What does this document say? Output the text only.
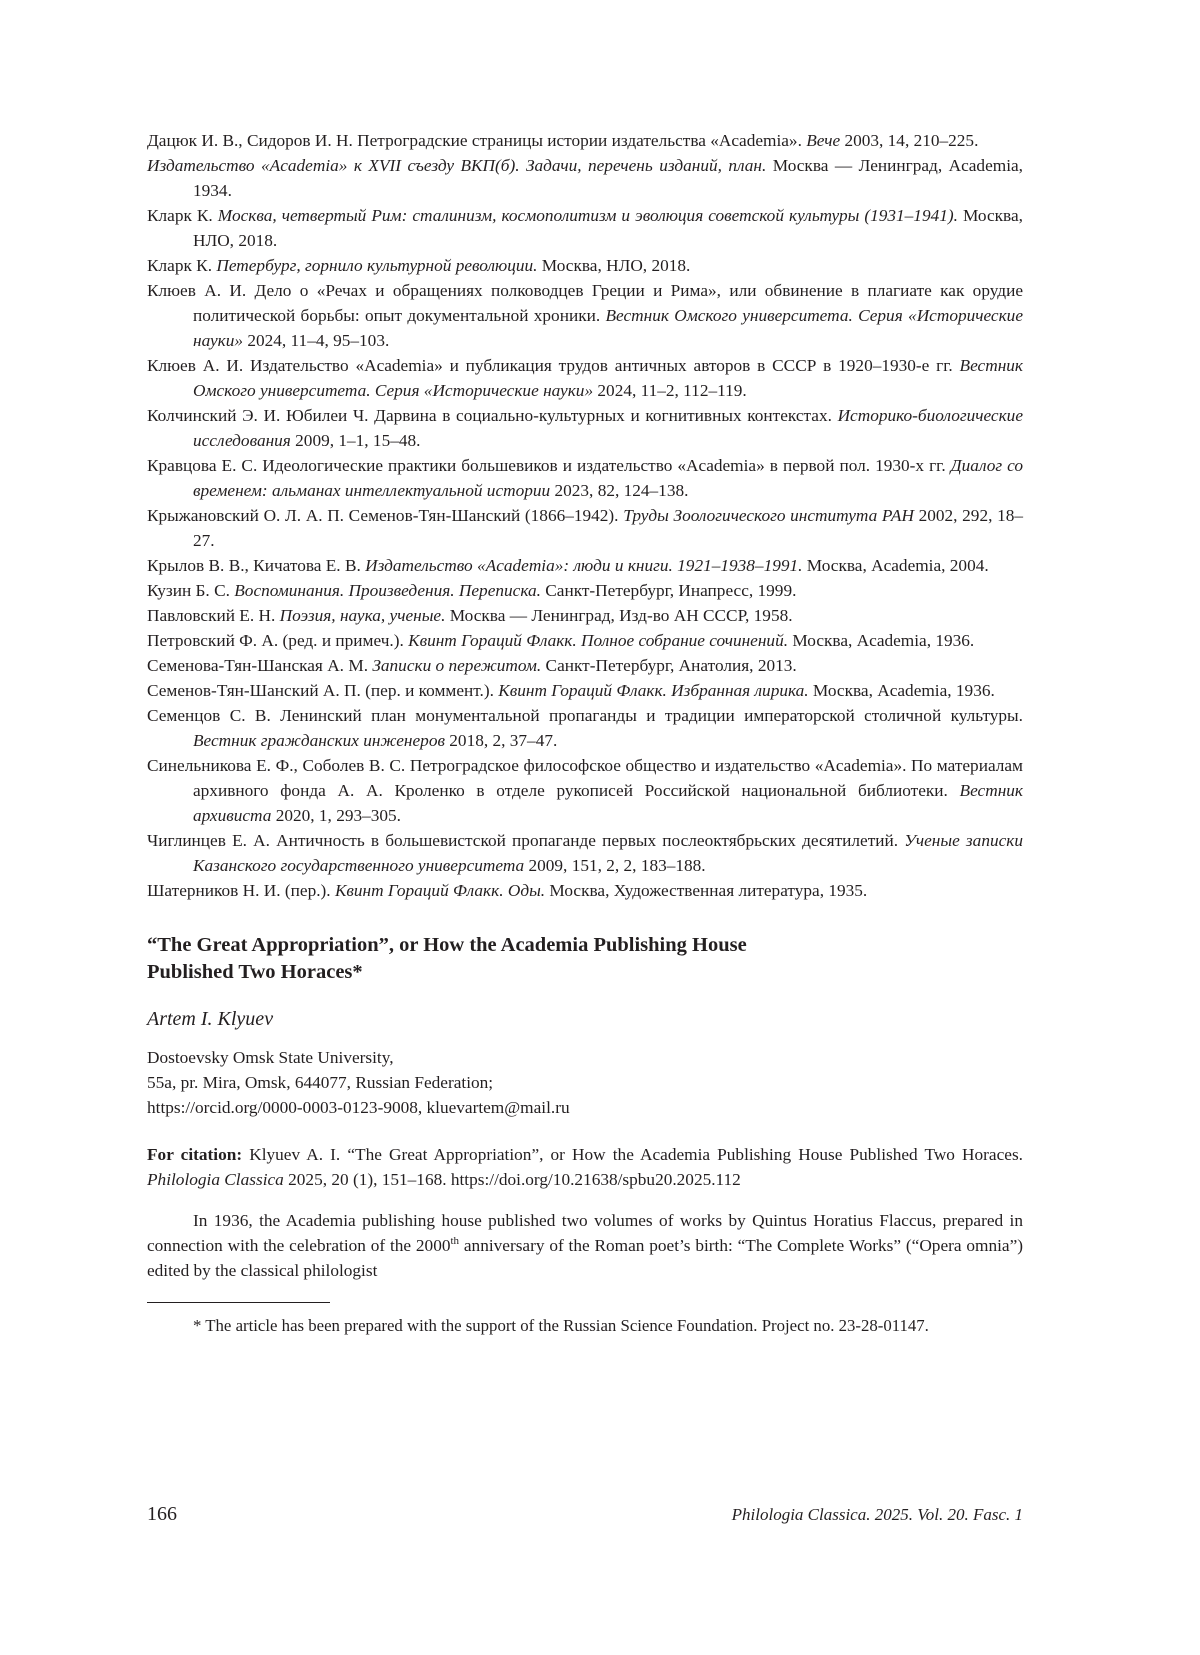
Дацюк И. В., Сидоров И. Н. Петроградские страницы истории издательства «Academia». Вече 2003, 14, 210–225.

Издательство «Academia» к XVII съезду ВКП(б). Задачи, перечень изданий, план. Москва — Ленинград, Academia, 1934.

Кларк К. Москва, четвертый Рим: сталинизм, космополитизм и эволюция советской культуры (1931–1941). Москва, НЛО, 2018.

Кларк К. Петербург, горнило культурной революции. Москва, НЛО, 2018.

Клюев А. И. Дело о «Речах и обращениях полководцев Греции и Рима», или обвинение в плагиате как орудие политической борьбы: опыт документальной хроники. Вестник Омского университета. Серия «Исторические науки» 2024, 11–4, 95–103.

Клюев А. И. Издательство «Academia» и публикация трудов античных авторов в СССР в 1920–1930-е гг. Вестник Омского университета. Серия «Исторические науки» 2024, 11–2, 112–119.

Колчинский Э. И. Юбилеи Ч. Дарвина в социально-культурных и когнитивных контекстах. Историко-биологические исследования 2009, 1–1, 15–48.

Кравцова Е. С. Идеологические практики большевиков и издательство «Academia» в первой пол. 1930-х гг. Диалог со временем: альманах интеллектуальной истории 2023, 82, 124–138.

Крыжановский О. Л. А. П. Семенов-Тян-Шанский (1866–1942). Труды Зоологического института РАН 2002, 292, 18–27.

Крылов В. В., Кичатова Е. В. Издательство «Academia»: люди и книги. 1921–1938–1991. Москва, Academia, 2004.

Кузин Б. С. Воспоминания. Произведения. Переписка. Санкт-Петербург, Инапресс, 1999.

Павловский Е. Н. Поэзия, наука, ученые. Москва — Ленинград, Изд-во АН СССР, 1958.

Петровский Ф. А. (ред. и примеч.). Квинт Гораций Флакк. Полное собрание сочинений. Москва, Academia, 1936.

Семенова-Тян-Шанская А. М. Записки о пережитом. Санкт-Петербург, Анатолия, 2013.

Семенов-Тян-Шанский А. П. (пер. и коммент.). Квинт Гораций Флакк. Избранная лирика. Москва, Academia, 1936.

Семенцов С. В. Ленинский план монументальной пропаганды и традиции императорской столичной культуры. Вестник гражданских инженеров 2018, 2, 37–47.

Синельникова Е. Ф., Соболев В. С. Петроградское философское общество и издательство «Academia». По материалам архивного фонда А. А. Кроленко в отделе рукописей Российской национальной библиотеки. Вестник архивиста 2020, 1, 293–305.

Чиглинцев Е. А. Античность в большевистской пропаганде первых послеоктябрьских десятилетий. Ученые записки Казанского государственного университета 2009, 151, 2, 2, 183–188.

Шатерников Н. И. (пер.). Квинт Гораций Флакк. Оды. Москва, Художественная литература, 1935.

“The Great Appropriation”, or How the Academia Publishing House
Published Two Horaces*
Artem I. Klyuev
Dostoevsky Omsk State University,
55a, pr. Mira, Omsk, 644077, Russian Federation;
https://orcid.org/0000-0003-0123-9008, kluevartem@mail.ru

For citation: Klyuev A. I. “The Great Appropriation”, or How the Academia Publishing House Published Two Horaces. Philologia Classica 2025, 20 (1), 151–168. https://doi.org/10.21638/spbu20.2025.112

In 1936, the Academia publishing house published two volumes of works by Quintus Horatius Flaccus, prepared in connection with the celebration of the 2000th anniversary of the Roman poet’s birth: “The Complete Works” (“Opera omnia”) edited by the classical philologist

* The article has been prepared with the support of the Russian Science Foundation. Project no. 23-28-01147.

166	Philologia Classica. 2025. Vol. 20. Fasc. 1
